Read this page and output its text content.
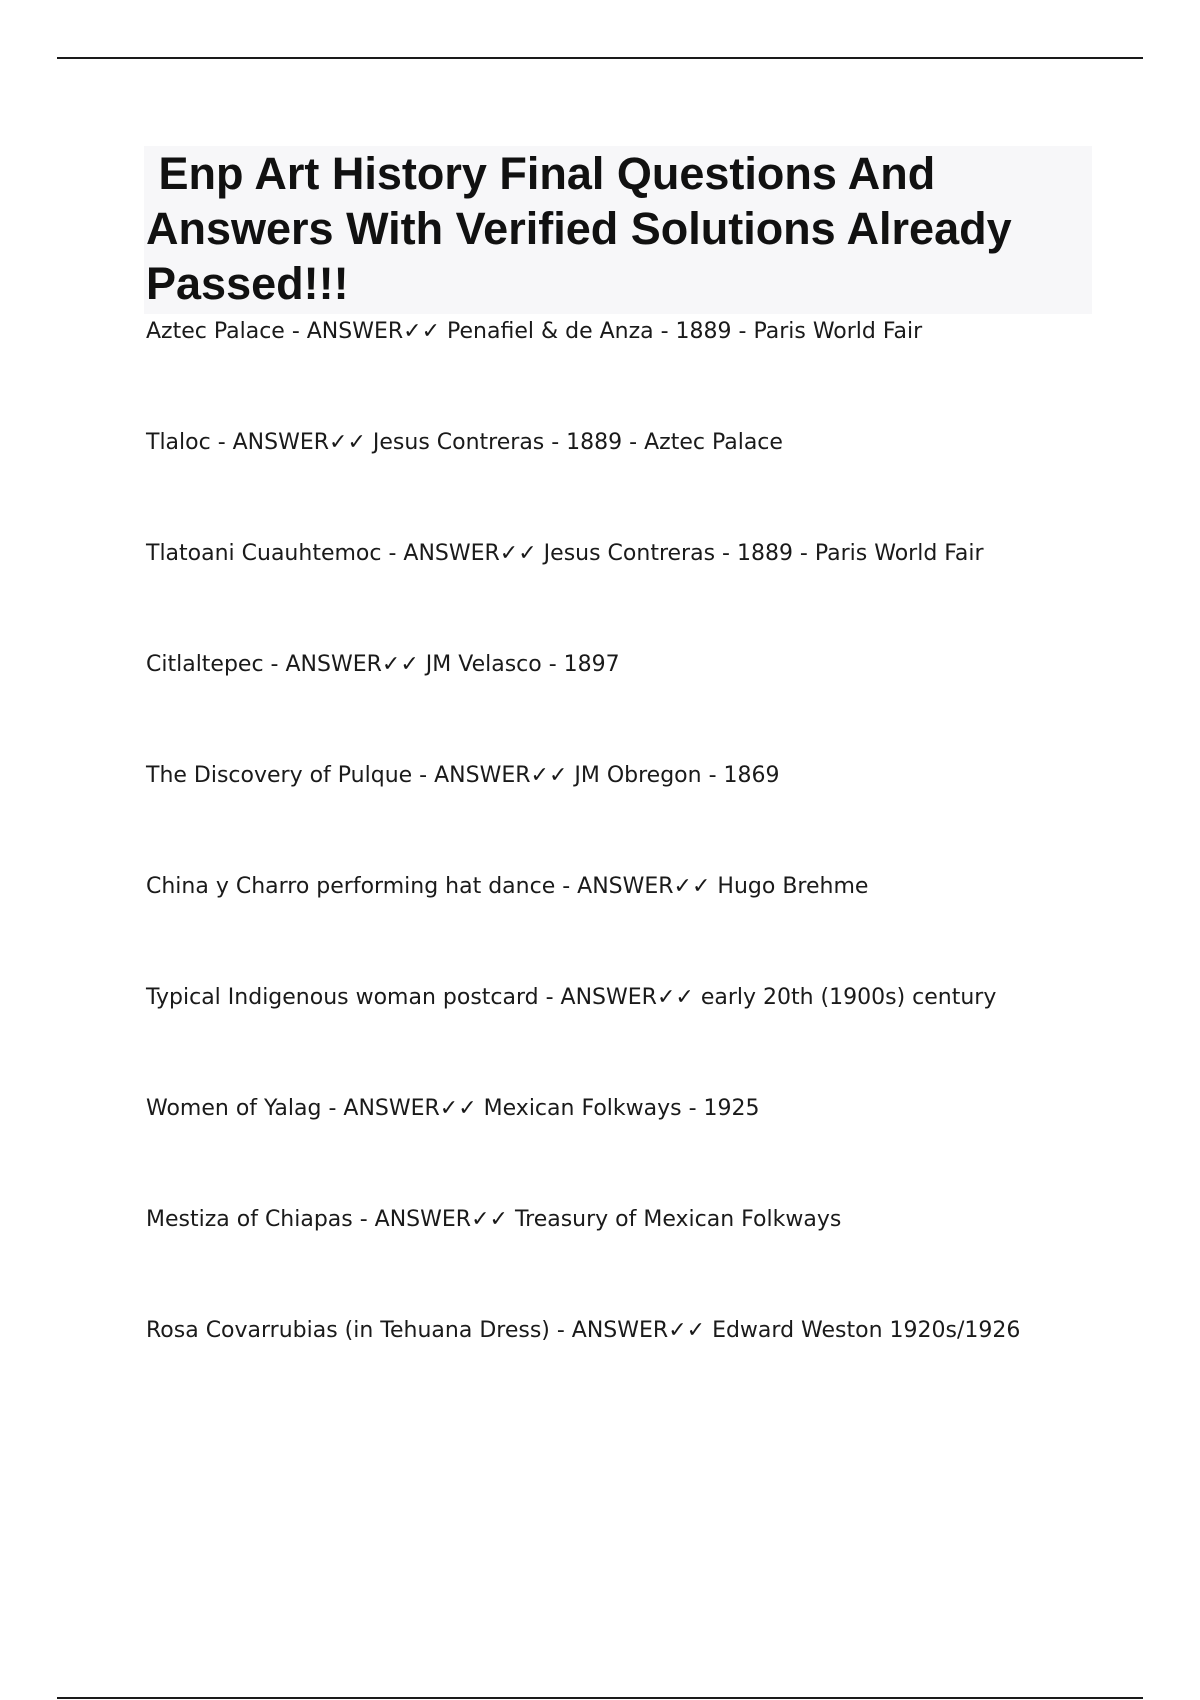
Enp Art History Final Questions And Answers With Verified Solutions Already Passed!!!
Aztec Palace - ANSWER✓✓ Penafiel & de Anza - 1889 - Paris World Fair
Tlaloc - ANSWER✓✓ Jesus Contreras - 1889 - Aztec Palace
Tlatoani Cuauhtemoc - ANSWER✓✓ Jesus Contreras - 1889 - Paris World Fair
Citlaltepec - ANSWER✓✓ JM Velasco - 1897
The Discovery of Pulque - ANSWER✓✓ JM Obregon - 1869
China y Charro performing hat dance - ANSWER✓✓ Hugo Brehme
Typical Indigenous woman postcard - ANSWER✓✓ early 20th (1900s) century
Women of Yalag - ANSWER✓✓ Mexican Folkways - 1925
Mestiza of Chiapas - ANSWER✓✓ Treasury of Mexican Folkways
Rosa Covarrubias (in Tehuana Dress) - ANSWER✓✓ Edward Weston 1920s/1926
